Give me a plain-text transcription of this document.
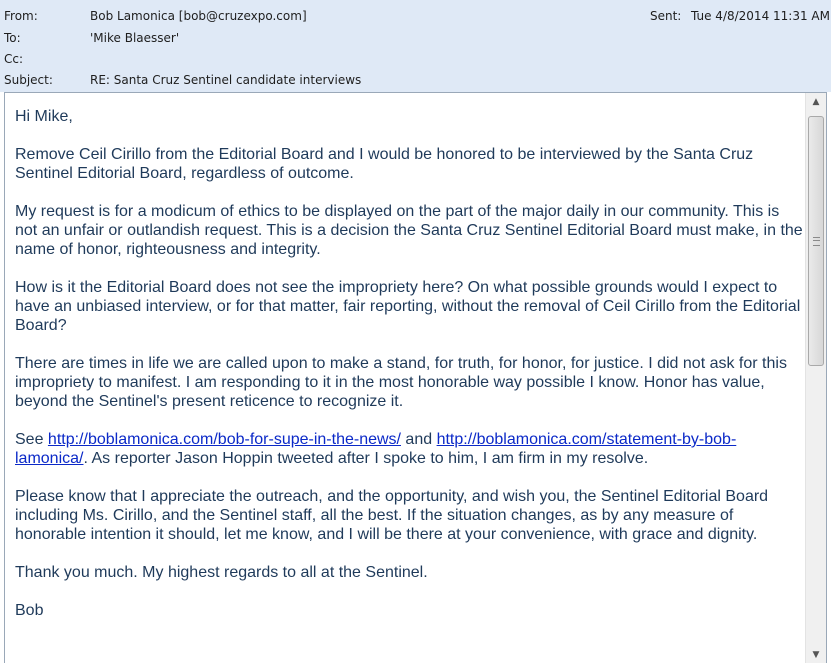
From:	Bob Lamonica [bob@cruzexpo.com]	Sent: Tue 4/8/2014 11:31 AM
To:	'Mike Blaesser'
Cc:
Subject:	RE: Santa Cruz Sentinel candidate interviews

Hi Mike,

Remove Ceil Cirillo from the Editorial Board and I would be honored to be interviewed by the Santa Cruz Sentinel Editorial Board, regardless of outcome.

My request is for a modicum of ethics to be displayed on the part of the major daily in our community. This is not an unfair or outlandish request. This is a decision the Santa Cruz Sentinel Editorial Board must make, in the name of honor, righteousness and integrity.

How is it the Editorial Board does not see the impropriety here? On what possible grounds would I expect to have an unbiased interview, or for that matter, fair reporting, without the removal of Ceil Cirillo from the Editorial Board?

There are times in life we are called upon to make a stand, for truth, for honor, for justice. I did not ask for this impropriety to manifest. I am responding to it in the most honorable way possible I know. Honor has value, beyond the Sentinel's present reticence to recognize it.

See http://boblamonica.com/bob-for-supe-in-the-news/ and http://boblamonica.com/statement-by-bob-lamonica/. As reporter Jason Hoppin tweeted after I spoke to him, I am firm in my resolve.

Please know that I appreciate the outreach, and the opportunity, and wish you, the Sentinel Editorial Board including Ms. Cirillo, and the Sentinel staff, all the best. If the situation changes, as by any measure of honorable intention it should, let me know, and I will be there at your convenience, with grace and dignity.

Thank you much. My highest regards to all at the Sentinel.

Bob

▲
▼
